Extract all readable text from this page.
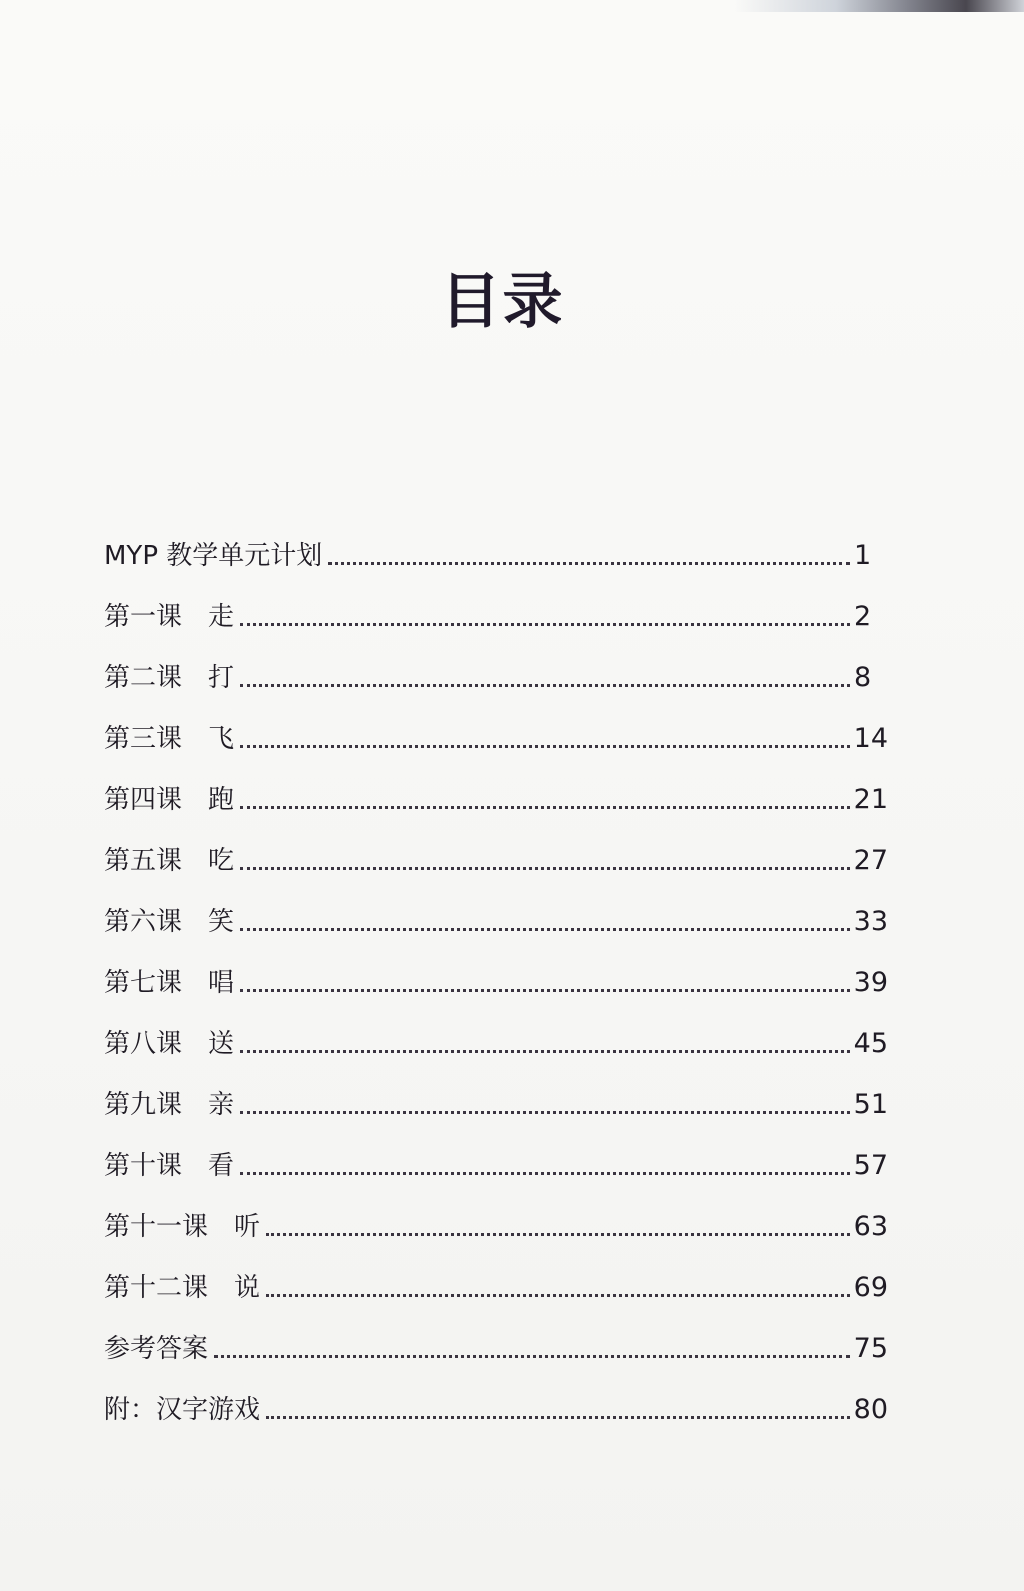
目录
MYP 教学单元计划	1
第一课	走	2
第二课	打	8
第三课	飞	14
第四课	跑	21
第五课	吃	27
第六课	笑	33
第七课	唱	39
第八课	送	45
第九课	亲	51
第十课	看	57
第十一课	听	63
第十二课	说	69
参考答案	75
附：汉字游戏	80
